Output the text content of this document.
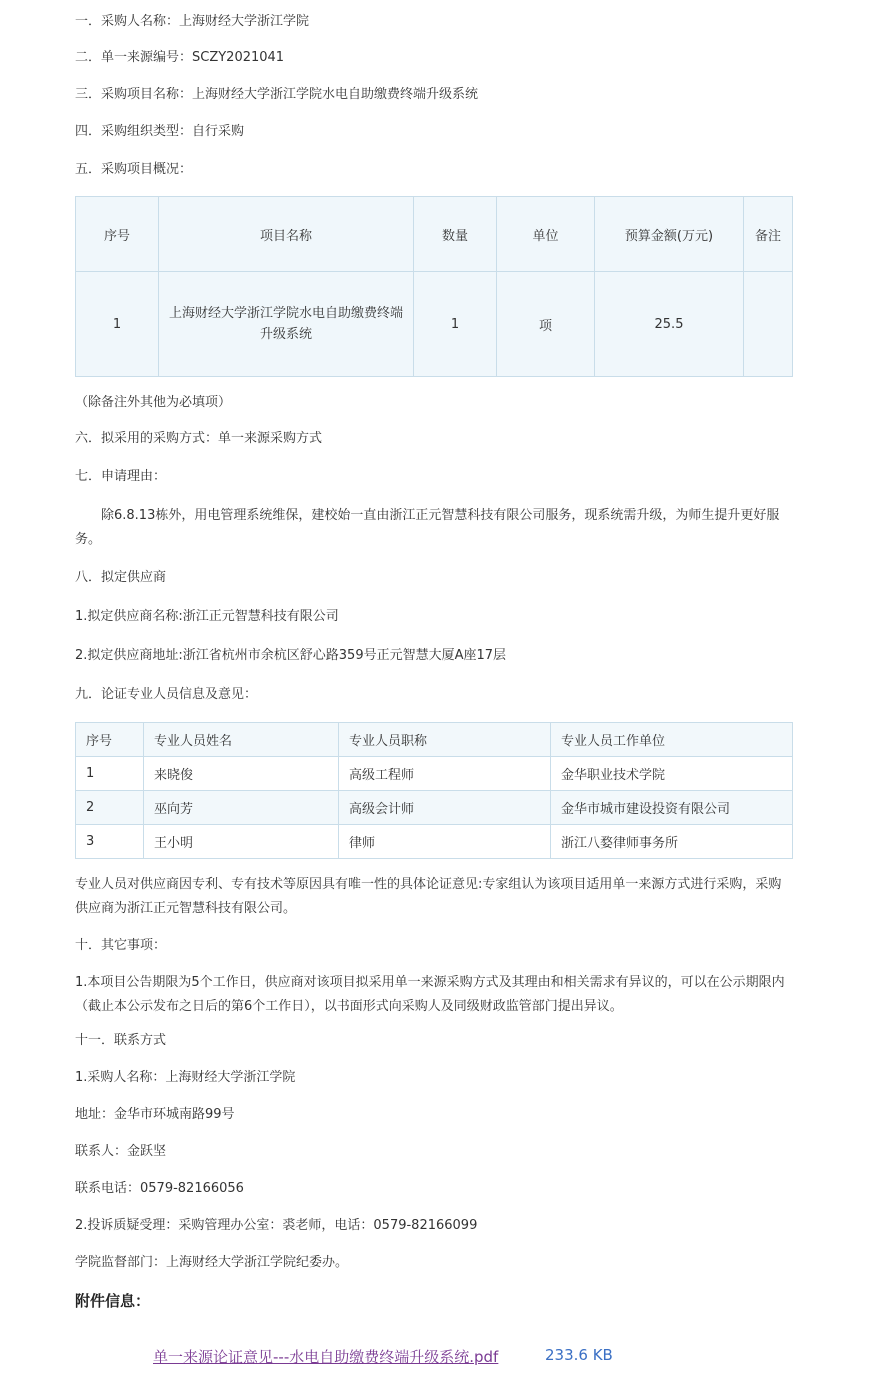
一．采购人名称：上海财经大学浙江学院
二．单一来源编号：SCZY2021041
三．采购项目名称：上海财经大学浙江学院水电自助缴费终端升级系统
四．采购组织类型：自行采购
五．采购项目概况：
序号	项目名称	数量	单位	预算金额(万元)	备注
1	上海财经大学浙江学院水电自助缴费终端升级系统	1	项	25.5	
（除备注外其他为必填项）
六．拟采用的采购方式：单一来源采购方式
七．申请理由：
除6.8.13栋外，用电管理系统维保，建校始一直由浙江正元智慧科技有限公司服务，现系统需升级，为师生提升更好服务。
八．拟定供应商
1.拟定供应商名称:浙江正元智慧科技有限公司
2.拟定供应商地址:浙江省杭州市余杭区舒心路359号正元智慧大厦A座17层
九．论证专业人员信息及意见：
序号	专业人员姓名	专业人员职称	专业人员工作单位
1	来晓俊	高级工程师	金华职业技术学院
2	巫向芳	高级会计师	金华市城市建设投资有限公司
3	王小明	律师	浙江八婺律师事务所
专业人员对供应商因专利、专有技术等原因具有唯一性的具体论证意见:专家组认为该项目适用单一来源方式进行采购，采购供应商为浙江正元智慧科技有限公司。
十．其它事项：
1.本项目公告期限为5个工作日，供应商对该项目拟采用单一来源采购方式及其理由和相关需求有异议的，可以在公示期限内（截止本公示发布之日后的第6个工作日），以书面形式向采购人及同级财政监管部门提出异议。
十一．联系方式
1.采购人名称：上海财经大学浙江学院
地址：金华市环城南路99号
联系人：金跃坚
联系电话：0579-82166056
2.投诉质疑受理：采购管理办公室：裘老师，电话：0579-82166099
学院监督部门：上海财经大学浙江学院纪委办。
附件信息：
单一来源论证意见---水电自助缴费终端升级系统.pdf	233.6 KB
